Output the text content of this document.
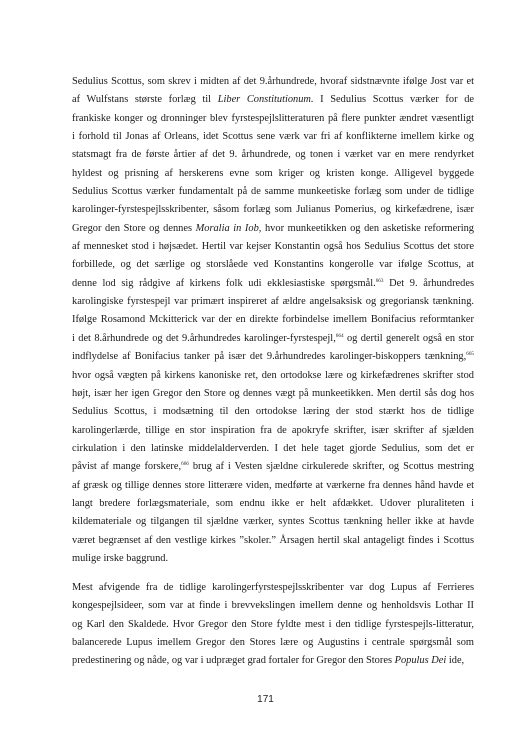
Sedulius Scottus, som skrev i midten af det 9.århundrede, hvoraf sidstnævnte ifølge Jost var et
af Wulfstans største forlæg til Liber Constitutionum. I Sedulius Scottus værker for de
frankiske konger og dronninger blev fyrstespejlslitteraturen på flere punkter ændret væsentligt
i forhold til Jonas af Orleans, idet Scottus sene værk var fri af konflikterne imellem kirke og
statsmagt fra de første årtier af det 9. århundrede, og tonen i værket var en mere rendyrket
hyldest og prisning af herskerens evne som kriger og kristen konge. Alligevel byggede
Sedulius Scottus værker fundamentalt på de samme munkeetiske forlæg som under de tidlige
karolinger-fyrstespejlsskribenter, såsom forlæg som Julianus Pomerius, og kirkefædrene, især
Gregor den Store og dennes Moralia in Iob, hvor munkeetikken og den asketiske reformering
af mennesket stod i højsædet. Hertil var kejser Konstantin også hos Sedulius Scottus det store
forbillede, og det særlige og storslåede ved Konstantins kongerolle var ifølge Scottus, at
denne lod sig rådgive af kirkens folk udi ekklesiastiske spørgsmål.$^{663}$ Det 9. århundredes
karolingiske fyrstespejl var primært inspireret af ældre angelsaksisk og gregoriansk tænkning.
Ifølge Rosamond Mckitterick var der en direkte forbindelse imellem Bonifacius reformtanker
i det 8.århundrede og det 9.århundredes karolinger-fyrstespejl,$^{664}$ og dertil generelt også en stor
indflydelse af Bonifacius tanker på især det 9.århundredes karolinger-biskoppers tænkning,$^{665}$
hvor også vægten på kirkens kanoniske ret, den ortodokse lære og kirkefædrenes skrifter stod
højt, især her igen Gregor den Store og dennes vægt på munkeetikken. Men dertil sås dog hos
Sedulius Scottus, i modsætning til den ortodokse læring der stod stærkt hos de tidlige
karolingerlærde, tillige en stor inspiration fra de apokryfe skrifter, især skrifter af sjælden
cirkulation i den latinske middelalderverden. I det hele taget gjorde Sedulius, som det er
påvist af mange forskere,$^{666}$ brug af i Vesten sjældne cirkulerede skrifter, og Scottus mestring
af græsk og tillige dennes store litterære viden, medførte at værkerne fra dennes hånd havde et
langt bredere forlægsmateriale, som endnu ikke er helt afdækket. Udover pluraliteten i
kildemateriale og tilgangen til sjældne værker, syntes Scottus tænkning heller ikke at havde
været begrænset af den vestlige kirkes ”skoler.” Årsagen hertil skal antageligt findes i Scottus
mulige irske baggrund.
Mest afvigende fra de tidlige karolingerfyrstespejlsskribenter var dog Lupus af Ferrieres
kongespejlsideer, som var at finde i brevvekslingen imellem denne og henholdsvis Lothar II
og Karl den Skaldede. Hvor Gregor den Store fyldte mest i den tidlige fyrstespejls-litteratur,
balancerede Lupus imellem Gregor den Stores lære og Augustins i centrale spørgsmål som
predestinering og nåde, og var i udpræget grad fortaler for Gregor den Stores Populus Dei ide,
171
